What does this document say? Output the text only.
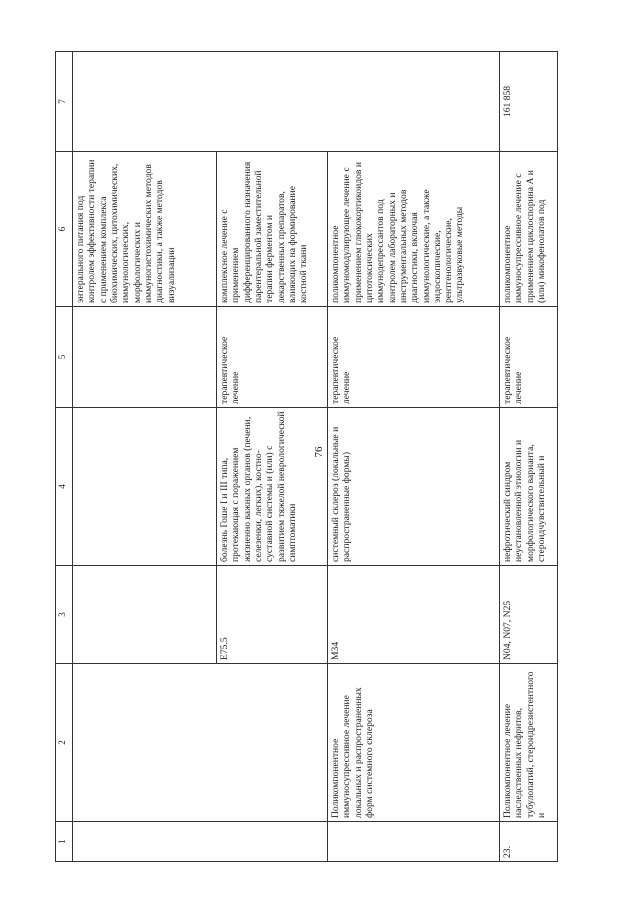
76
1	2	3	4	5	6	7
					энтерального питания под контролем эффективности терапии с применением комплекса биохимических, цитохимических, иммунологических, морфологических и иммуногистохимических методов диагностики, а также методов визуализации	
		E75.5	болезнь Гоше I и III типа, протекающая с поражением жизненно важных органов (печени, селезенки, легких), костно-суставной системы и (или) с развитием тяжелой неврологической симптоматики	терапевтическое лечение	комплексное лечение с применением дифференцированного назначения парентеральной заместительной терапии ферментом и лекарственных препаратов, влияющих на формирование костной ткани	
	Поликомпонентное иммуносупрессивное лечение локальных и распространенных форм системного склероза	M34	системный склероз (локальные и распространенные формы)	терапевтическое лечение	поликомпонентное иммуномодулирующее лечение с применением глюкокортикоидов и цитотоксических иммунодепрессантов под контролем лабораторных и инструментальных методов диагностики, включая иммунологические, а также эндоскопические, рентгенологические, ультразвуковые методы	
23.	Поликомпонентное лечение наследственных нефритов, тубулопатий, стероидрезистентного и	N04, N07, N25	нефротический синдром неустановленной этиологии и морфологического варианта, стероидчувствительный и	терапевтическое лечение	поликомпонентное иммуносупрессивное лечение с применением циклоспорина А и (или) микофенолатов под	161 858
